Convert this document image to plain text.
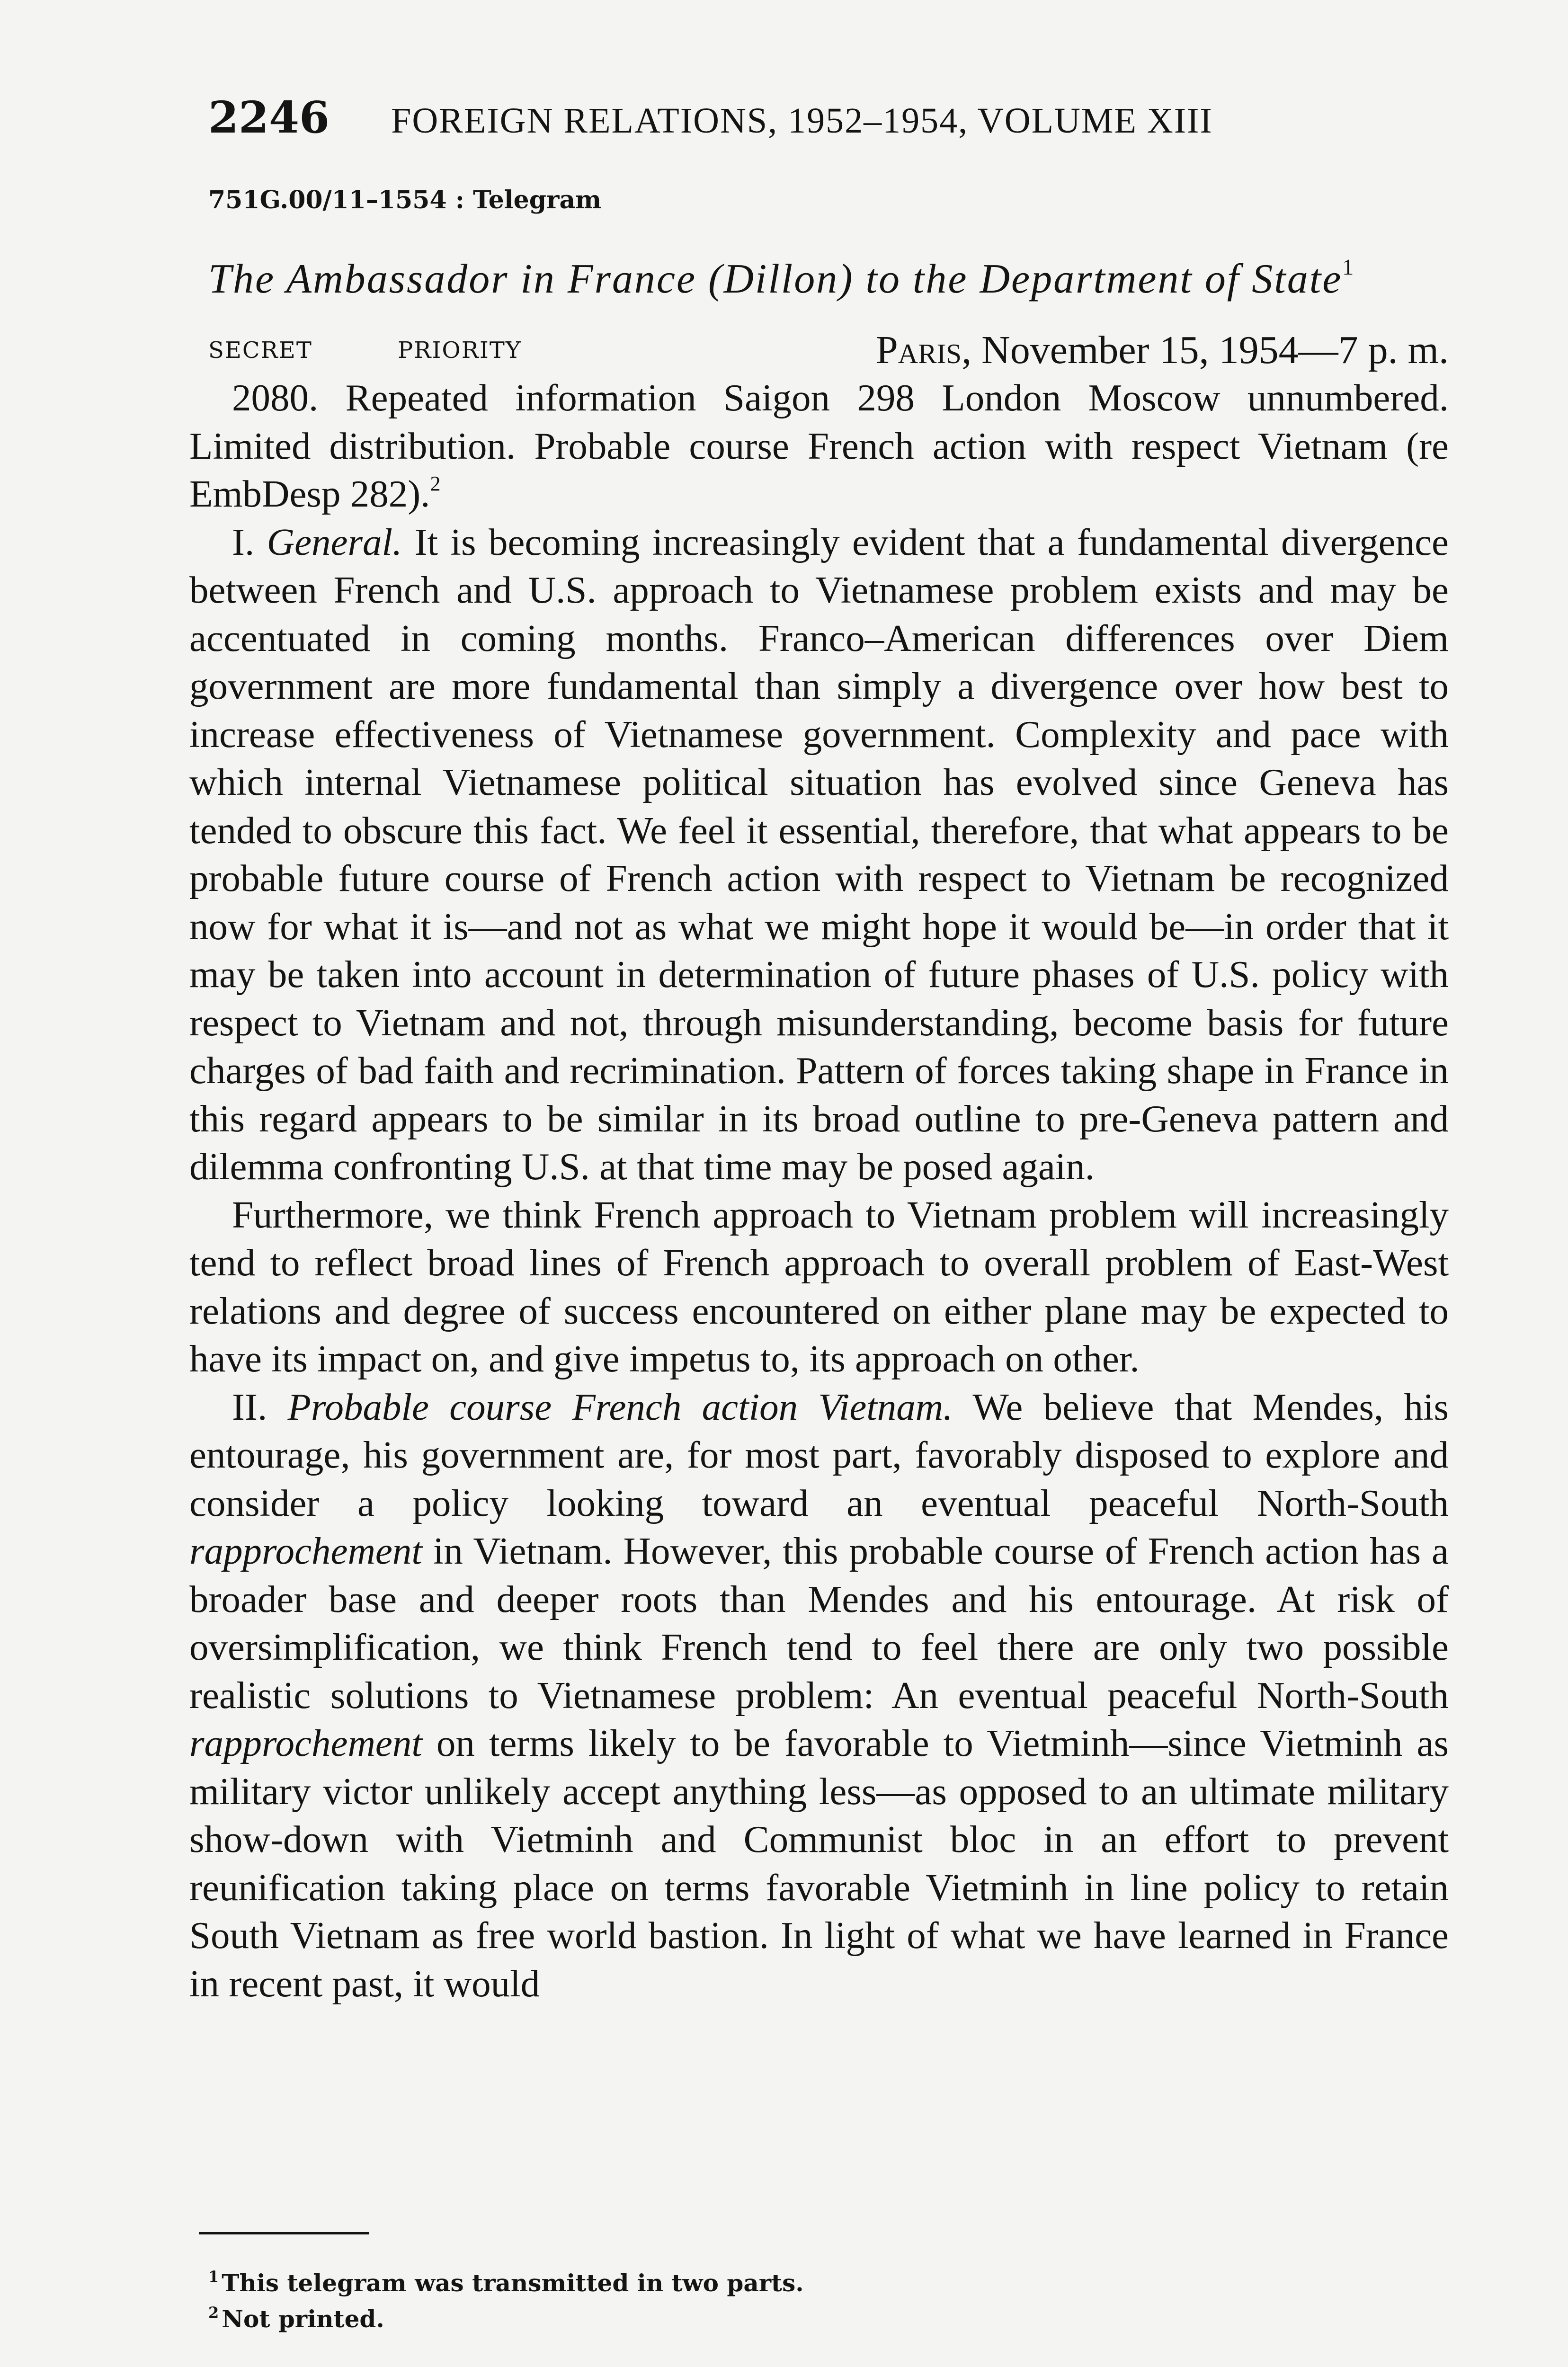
2246 FOREIGN RELATIONS, 1952–1954, VOLUME XIII
751G.00/11–1554 : Telegram
The Ambassador in France (Dillon) to the Department of State$^1$
SECRET	PRIORITY	Paris, November 15, 1954—7 p. m.

2080. Repeated information Saigon 298 London Moscow unnumbered. Limited distribution. Probable course French action with respect Vietnam (re EmbDesp 282).$^2$

I. General. It is becoming increasingly evident that a fundamental divergence between French and U.S. approach to Vietnamese problem exists and may be accentuated in coming months. Franco–American differences over Diem government are more fundamental than simply a divergence over how best to increase effectiveness of Vietnamese government. Complexity and pace with which internal Vietnamese political situation has evolved since Geneva has tended to obscure this fact. We feel it essential, therefore, that what appears to be probable future course of French action with respect to Vietnam be recognized now for what it is—and not as what we might hope it would be—in order that it may be taken into account in determination of future phases of U.S. policy with respect to Vietnam and not, through misunderstanding, become basis for future charges of bad faith and recrimination. Pattern of forces taking shape in France in this regard appears to be similar in its broad outline to pre-Geneva pattern and dilemma confronting U.S. at that time may be posed again.

Furthermore, we think French approach to Vietnam problem will increasingly tend to reflect broad lines of French approach to overall problem of East-West relations and degree of success encountered on either plane may be expected to have its impact on, and give impetus to, its approach on other.

II. Probable course French action Vietnam. We believe that Mendes, his entourage, his government are, for most part, favorably disposed to explore and consider a policy looking toward an eventual peaceful North-South rapprochement in Vietnam. However, this probable course of French action has a broader base and deeper roots than Mendes and his entourage. At risk of oversimplification, we think French tend to feel there are only two possible realistic solutions to Vietnamese problem: An eventual peaceful North-South rapprochement on terms likely to be favorable to Vietminh—since Vietminh as military victor unlikely accept anything less—as opposed to an ultimate military show-down with Vietminh and Communist bloc in an effort to prevent reunification taking place on terms favorable Vietminh in line policy to retain South Vietnam as free world bastion. In light of what we have learned in France in recent past, it would

$^1$ This telegram was transmitted in two parts.
$^2$ Not printed.
